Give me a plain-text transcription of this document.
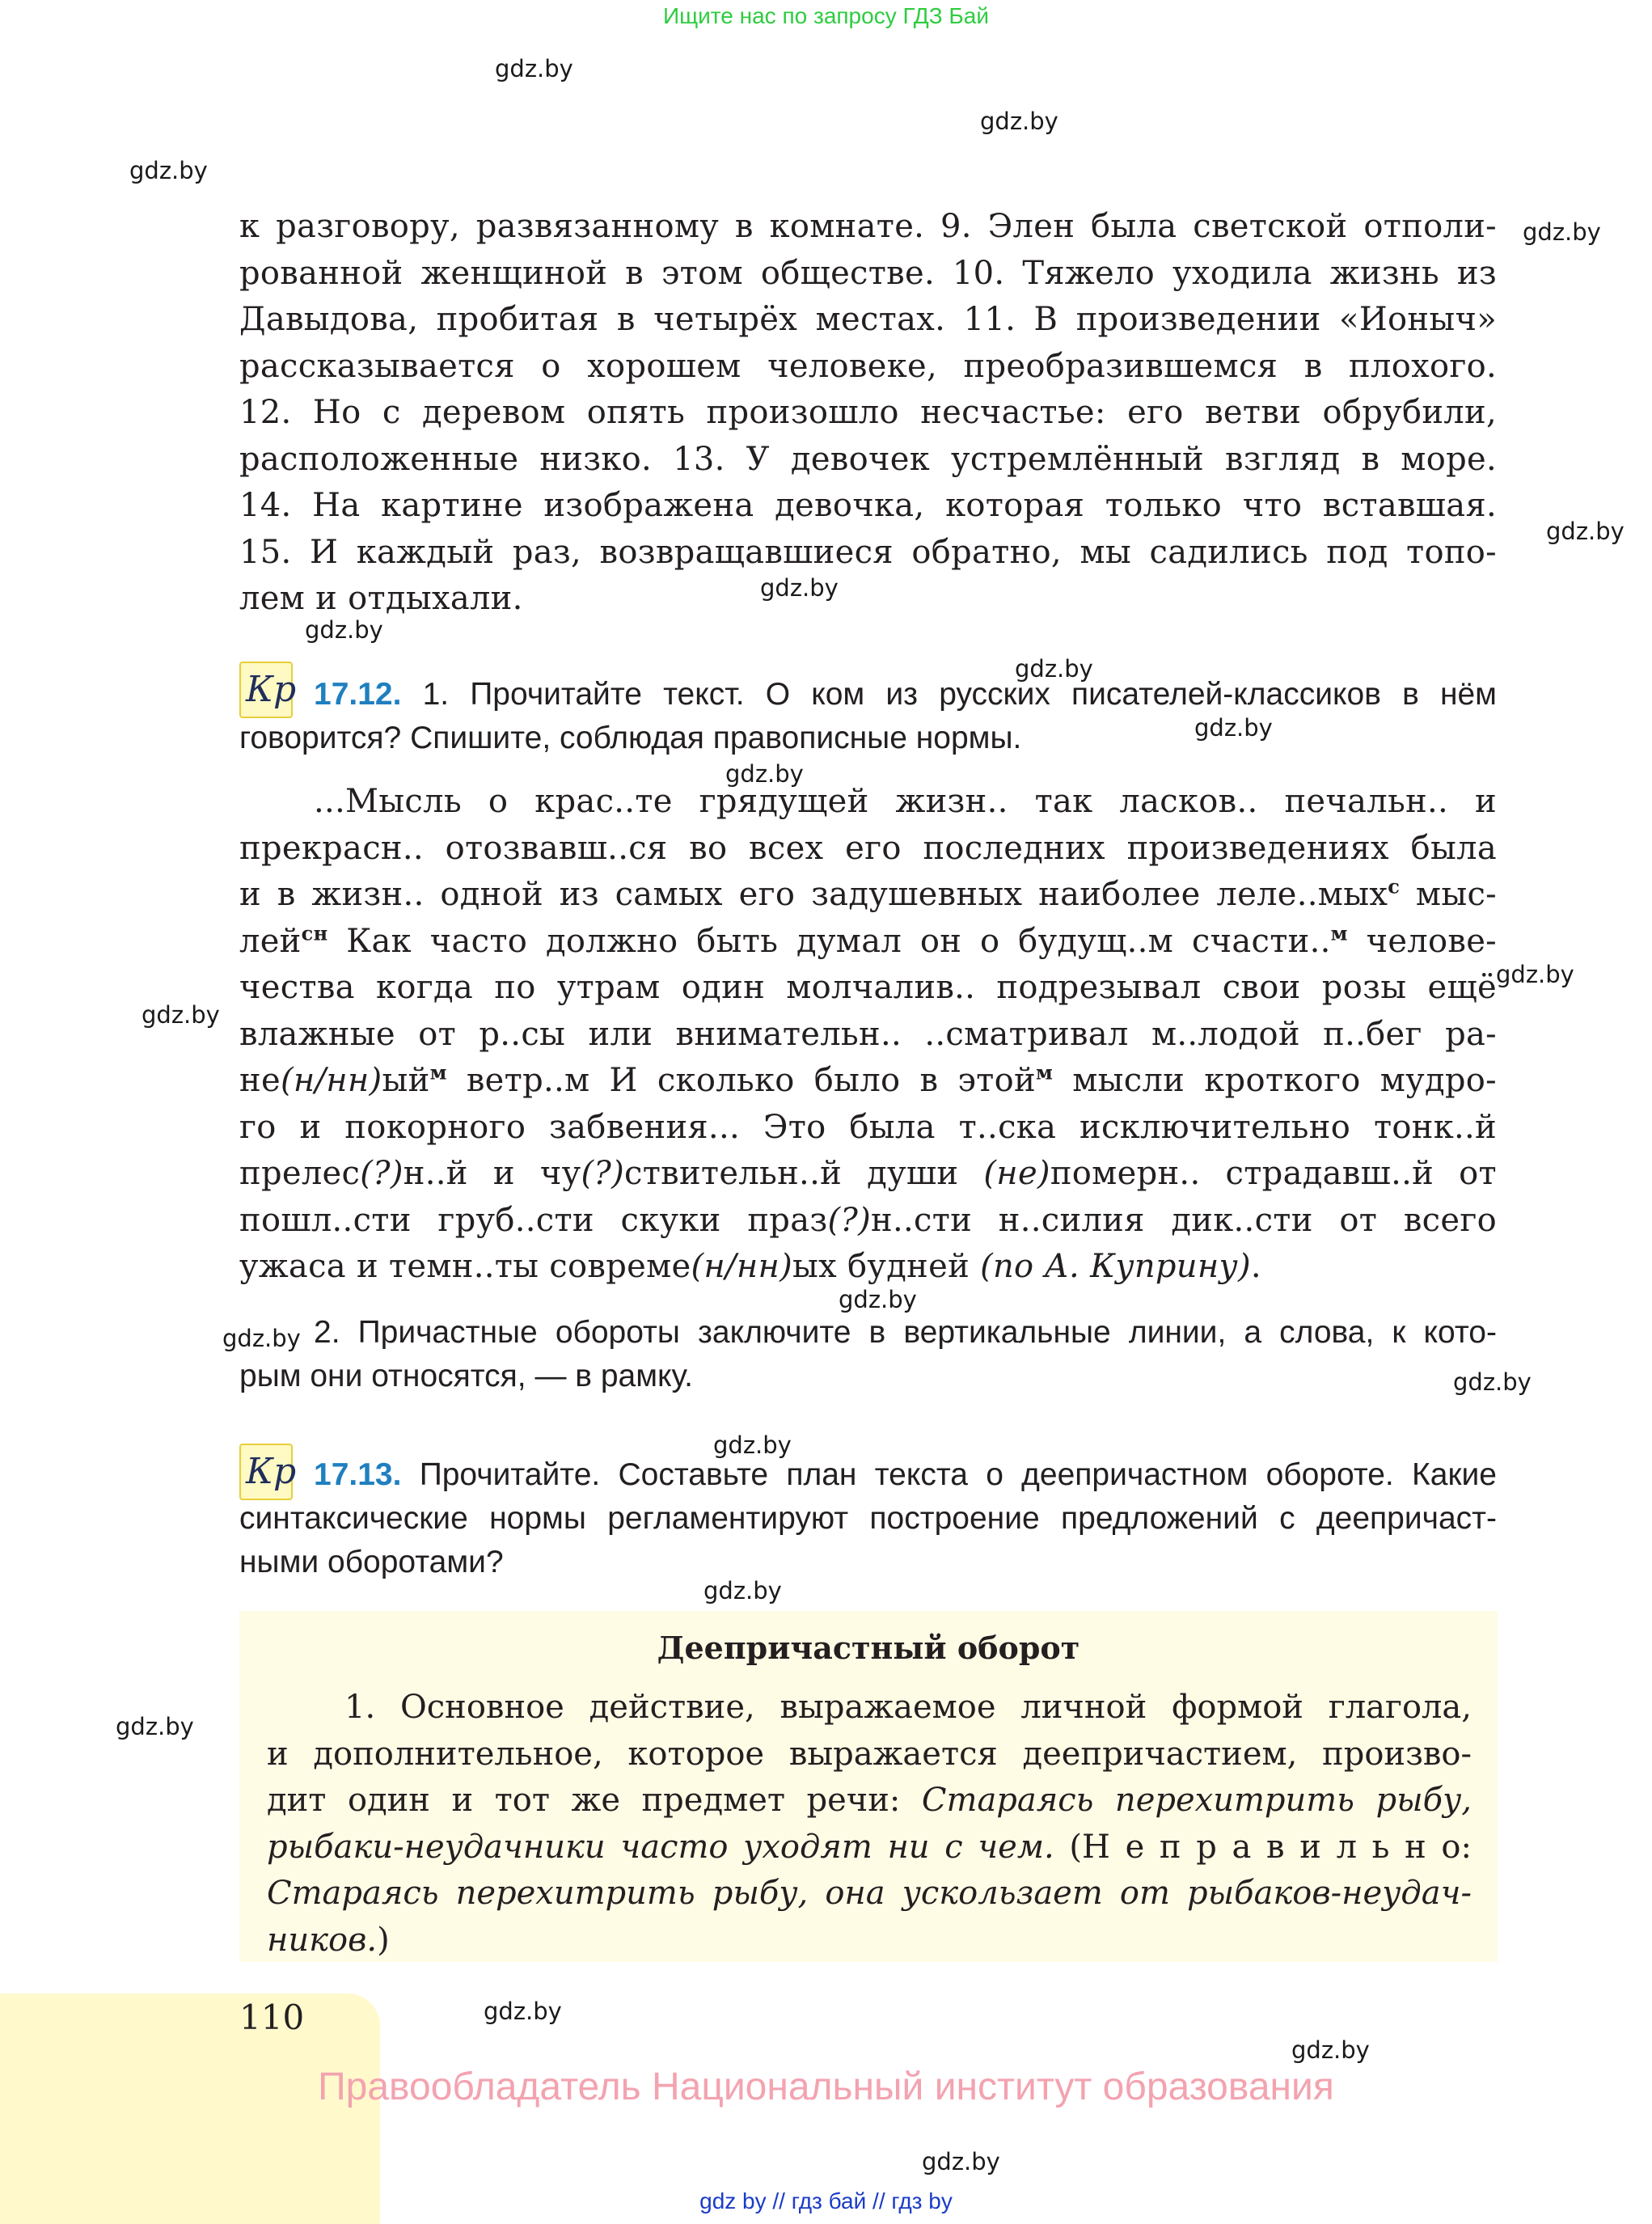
Ищите нас по запросу ГДЗ Бай
gdz.by
gdz.by
gdz.by
gdz.by
gdz.by
gdz.by
gdz.by
gdz.by
gdz.by
gdz.by
gdz.by
gdz.by
gdz.by
gdz.by
gdz.by
gdz.by
gdz.by
gdz.by
gdz.by
gdz.by
gdz.by
к разговору, развязанному в комнате. 9. Элен была светской отполи-
рованной женщиной в этом обществе. 10. Тяжело уходила жизнь из
Давыдова, пробитая в четырёх местах. 11. В произведении «Ионыч»
рассказывается о хорошем человеке, преобразившемся в плохого.
12. Но с деревом опять произошло несчастье: его ветви обрубили,
расположенные низко. 13. У девочек устремлённый взгляд в море.
14. На картине изображена девочка, которая только что вставшая.
15. И каждый раз, возвращавшиеся обратно, мы садились под топо-
лем и отдыхали.
Кр 17.12. 1. Прочитайте текст. О ком из русских писателей-классиков в нём
говорится? Спишите, соблюдая правописные нормы.
...Мысль о крас..те грядущей жизн.. так ласков.. печальн.. и
прекрасн.. отозвавш..ся во всех его последних произведениях была
и в жизн.. одной из самых его задушевных наиболее леле..мых$^с$ мыс-
лей$^{сн}$ Как часто должно быть думал он о будущ..м счасти..$^м$ челове-
чества когда по утрам один молчалив.. подрезывал свои розы ещё
влажные от р..сы или внимательн.. ..сматривал м..лодой п..бег ра-
$не(н/нн)ый^м$ ветр..м И сколько было в этой$^м$ мысли кроткого мудро-
го и покорного забвения... Это была т..ска исключительно тонк..й
прелес(?)н..й и чу(?)ствительн..й души (не)померн.. страдавш..й от
пошл..сти груб..сти скуки праз(?)н..сти н..силия дик..сти от всего
ужаса и темн..ты совреме(н/нн)ых будней (по А. Куприну).
2. Причастные обороты заключите в вертикальные линии, а слова, к кото-
рым они относятся, — в рамку.
Кр 17.13. Прочитайте. Составьте план текста о деепричастном обороте. Какие
синтаксические нормы регламентируют построение предложений с деепричаст-
ными оборотами?
Деепричастный оборот
1. Основное действие, выражаемое личной формой глагола,
и дополнительное, которое выражается деепричастием, произво-
дит один и тот же предмет речи: Стараясь перехитрить рыбу,
рыбаки-неудачники часто уходят ни с чем. (Н е п р а в и л ь н о:
Стараясь перехитрить рыбу, она ускользает от рыбаков-неудач-
ников.)
110
Правообладатель Национальный институт образования
gdz by // гдз бай // гдз by
